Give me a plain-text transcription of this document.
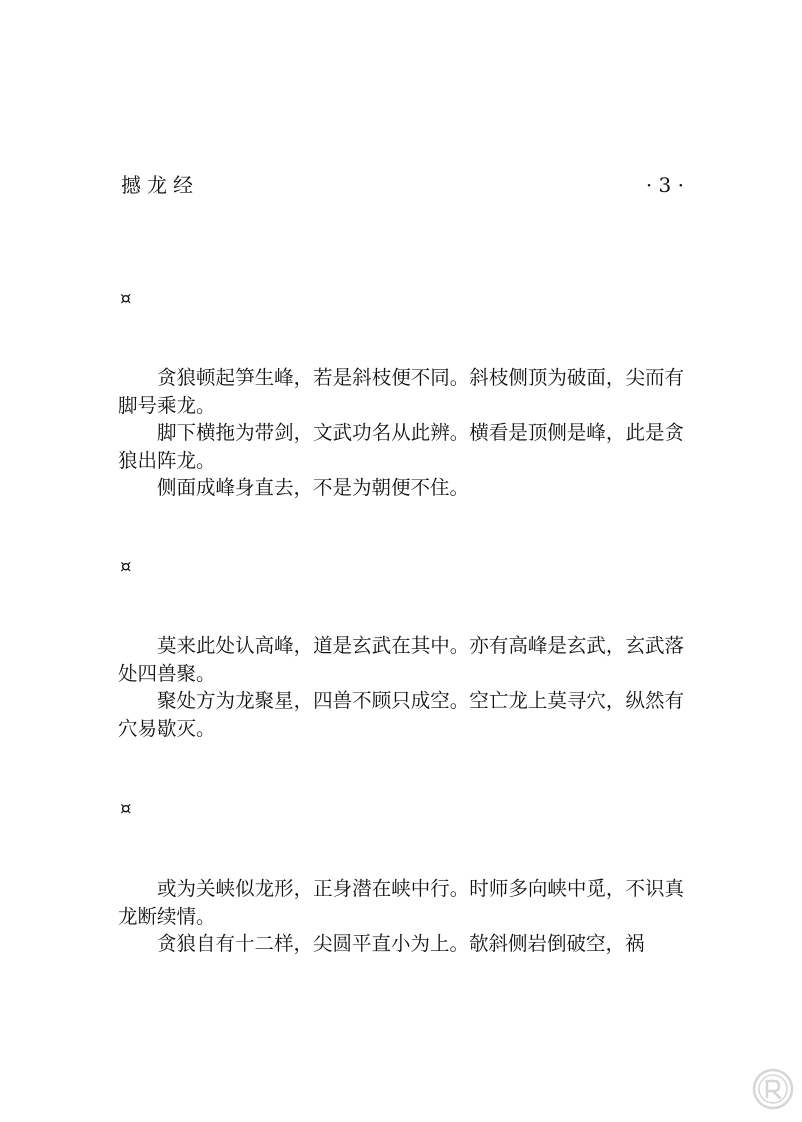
撼龙经	· 3 ·
¤

贪狼顿起笋生峰，若是斜枝便不同。斜枝侧顶为破面，尖而有脚号乘龙。

脚下横拖为带剑，文武功名从此辨。横看是顶侧是峰，此是贪狼出阵龙。

侧面成峰身直去，不是为朝便不住。

¤

莫来此处认高峰，道是玄武在其中。亦有高峰是玄武，玄武落处四兽聚。

聚处方为龙聚星，四兽不顾只成空。空亡龙上莫寻穴，纵然有穴易歇灭。

¤

或为关峡似龙形，正身潜在峡中行。时师多向峡中觅，不识真龙断续情。

贪狼自有十二样，尖圆平直小为上。欹斜侧岩倒破空，祸
